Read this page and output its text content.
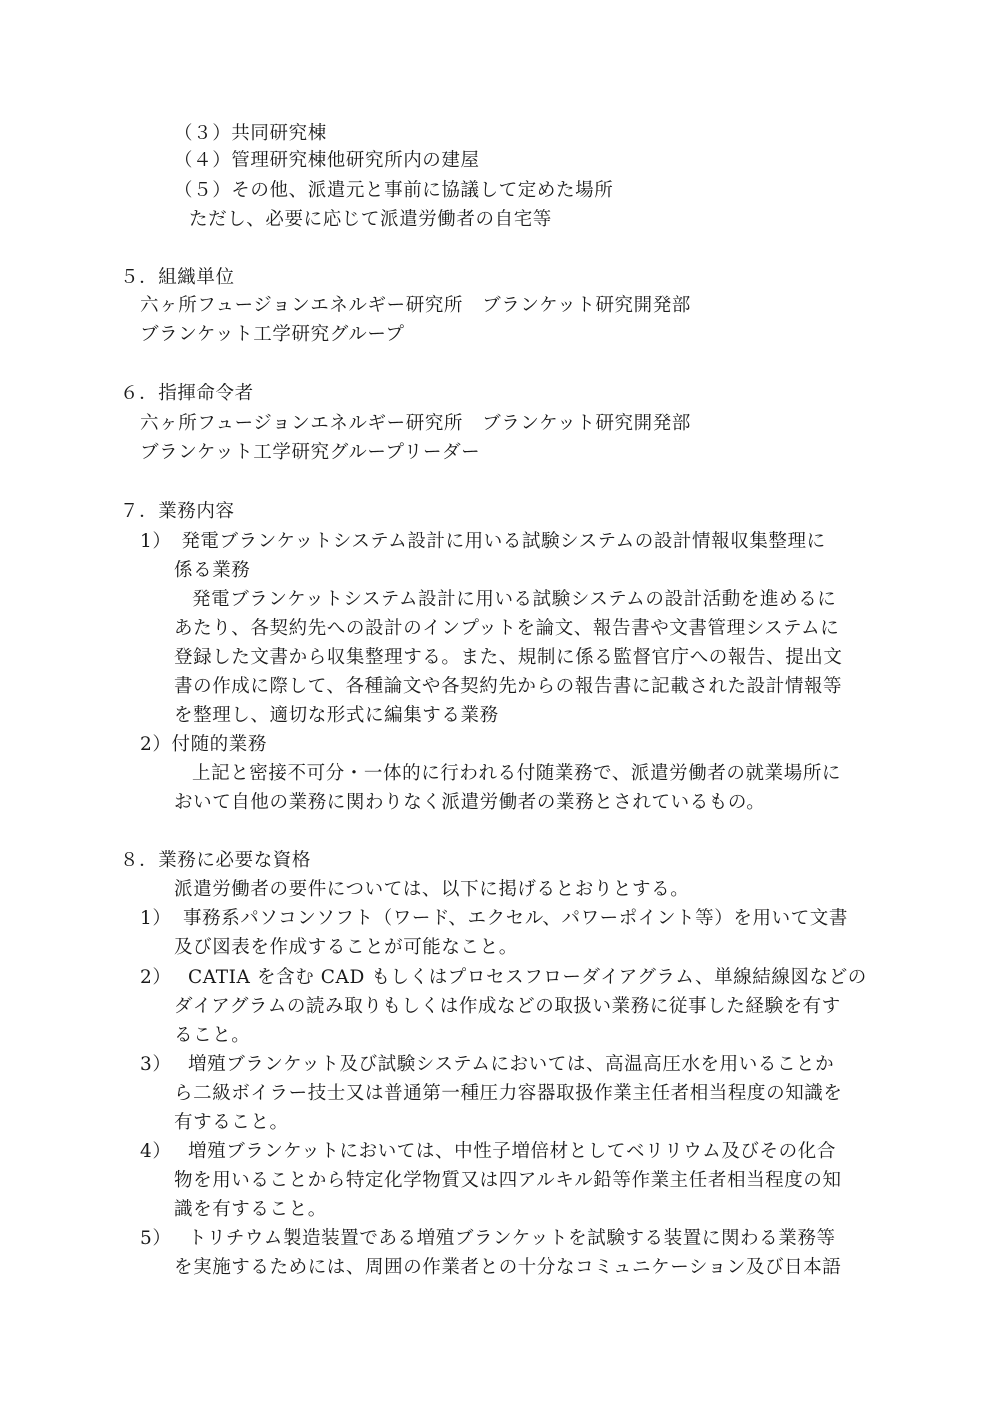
（３）共同研究棟
（４）管理研究棟他研究所内の建屋
（５）その他、派遣元と事前に協議して定めた場所
ただし、必要に応じて派遣労働者の自宅等
５．組織単位
六ヶ所フュージョンエネルギー研究所　ブランケット研究開発部
ブランケット工学研究グループ
６．指揮命令者
六ヶ所フュージョンエネルギー研究所　ブランケット研究開発部
ブランケット工学研究グループリーダー
７．業務内容
1）　発電ブランケットシステム設計に用いる試験システムの設計情報収集整理に
係る業務
発電ブランケットシステム設計に用いる試験システムの設計活動を進めるに
あたり、各契約先への設計のインプットを論文、報告書や文書管理システムに
登録した文書から収集整理する。また、規制に係る監督官庁への報告、提出文
書の作成に際して、各種論文や各契約先からの報告書に記載された設計情報等
を整理し、適切な形式に編集する業務
2）付随的業務
上記と密接不可分・一体的に行われる付随業務で、派遣労働者の就業場所に
おいて自他の業務に関わりなく派遣労働者の業務とされているもの。
８．業務に必要な資格
派遣労働者の要件については、以下に掲げるとおりとする。
1） 事務系パソコンソフト（ワード、エクセル、パワーポイント等）を用いて文書
及び図表を作成することが可能なこと。
2） CATIA を含む CAD もしくはプロセスフローダイアグラム、単線結線図などの
ダイアグラムの読み取りもしくは作成などの取扱い業務に従事した経験を有す
ること。
3） 増殖ブランケット及び試験システムにおいては、高温高圧水を用いることか
ら二級ボイラー技士又は普通第一種圧力容器取扱作業主任者相当程度の知識を
有すること。
4） 増殖ブランケットにおいては、中性子増倍材としてベリリウム及びその化合
物を用いることから特定化学物質又は四アルキル鉛等作業主任者相当程度の知
識を有すること。
5） トリチウム製造装置である増殖ブランケットを試験する装置に関わる業務等
を実施するためには、周囲の作業者との十分なコミュニケーション及び日本語
